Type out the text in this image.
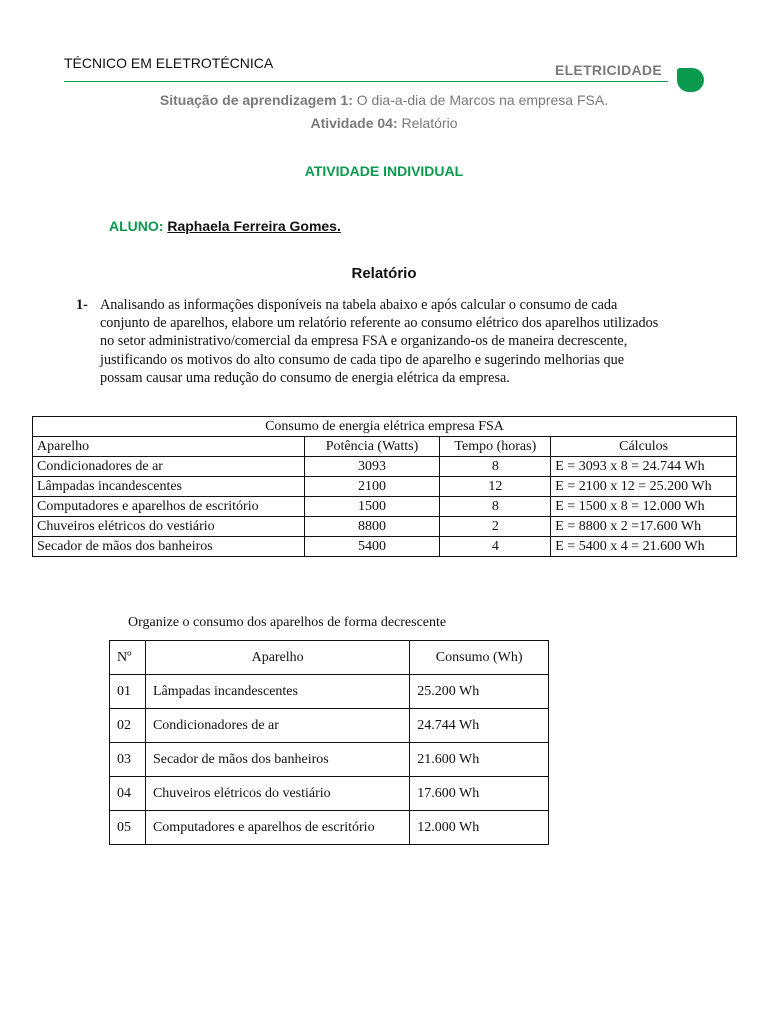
TÉCNICO EM ELETROTÉCNICA	ELETRICIDADE
Situação de aprendizagem 1: O dia-a-dia de Marcos na empresa FSA.
Atividade 04: Relatório
ATIVIDADE INDIVIDUAL
ALUNO: Raphaela Ferreira Gomes.
Relatório
1- Analisando as informações disponíveis na tabela abaixo e após calcular o consumo de cada conjunto de aparelhos, elabore um relatório referente ao consumo elétrico dos aparelhos utilizados no setor administrativo/comercial da empresa FSA e organizando-os de maneira decrescente, justificando os motivos do alto consumo de cada tipo de aparelho e sugerindo melhorias que possam causar uma redução do consumo de energia elétrica da empresa.
Consumo de energia elétrica empresa FSA			
Aparelho	Potência (Watts)	Tempo (horas)	Cálculos
Condicionadores de ar	3093	8	E = 3093 x 8 = 24.744 Wh
Lâmpadas incandescentes	2100	12	E = 2100 x 12 = 25.200 Wh
Computadores e aparelhos de escritório	1500	8	E = 1500 x 8 = 12.000 Wh
Chuveiros elétricos do vestiário	8800	2	E = 8800 x 2 =17.600 Wh
Secador de mãos dos banheiros	5400	4	E = 5400 x 4 = 21.600 Wh
Organize o consumo dos aparelhos de forma decrescente
Nº	Aparelho	Consumo (Wh)
01	Lâmpadas incandescentes	25.200 Wh
02	Condicionadores de ar	24.744 Wh
03	Secador de mãos dos banheiros	21.600 Wh
04	Chuveiros elétricos do vestiário	17.600 Wh
05	Computadores e aparelhos de escritório	12.000 Wh
